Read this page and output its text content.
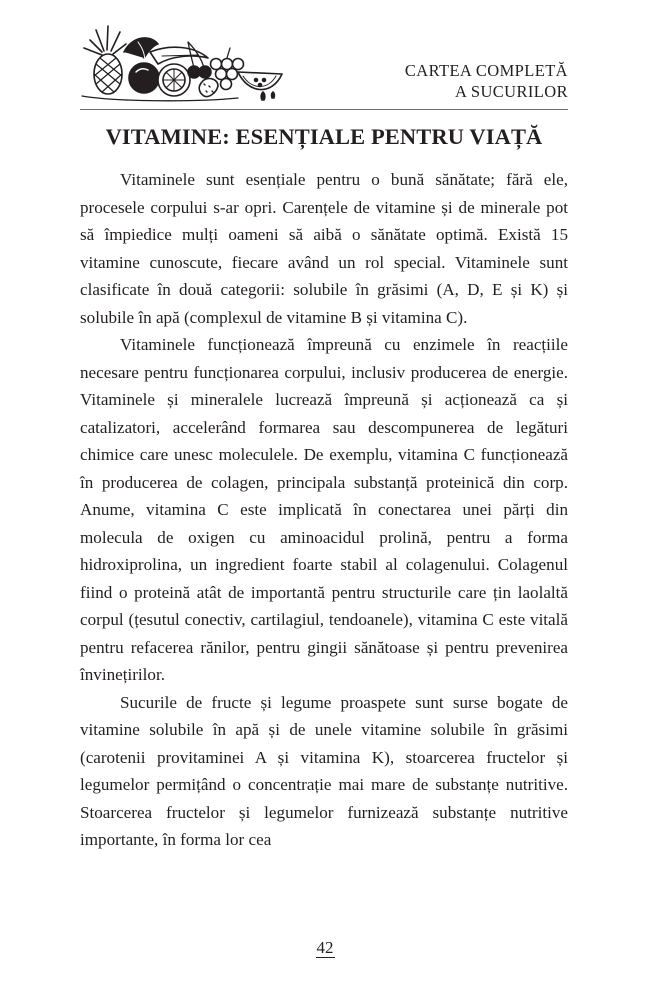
CARTEA COMPLETĂ
A SUCURILOR
VITAMINE: ESENȚIALE PENTRU VIAȚĂ

Vitaminele sunt esențiale pentru o bună sănătate; fără ele, procesele corpului s-ar opri. Carențele de vitamine și de minerale pot să împiedice mulți oameni să aibă o sănătate optimă. Există 15 vitamine cunoscute, fiecare având un rol special. Vitaminele sunt clasificate în două categorii: solubile în grăsimi (A, D, E și K) și solubile în apă (complexul de vitamine B și vitamina C).

Vitaminele funcționează împreună cu enzimele în reacțiile necesare pentru funcționarea corpului, inclusiv producerea de energie. Vitaminele și mineralele lucrează împreună și acționează ca și catalizatori, accelerând formarea sau descompunerea de legături chimice care unesc moleculele. De exemplu, vitamina C funcționează în producerea de colagen, principala substanță proteinică din corp. Anume, vitamina C este implicată în conectarea unei părți din molecula de oxigen cu aminoacidul prolină, pentru a forma hidroxiprolina, un ingredient foarte stabil al colagenului. Colagenul fiind o proteină atât de importantă pentru structurile care țin laolaltă corpul (țesutul conectiv, cartilagiul, tendoanele), vitamina C este vitală pentru refacerea rănilor, pentru gingii sănătoase și pentru prevenirea învinețirilor.

Sucurile de fructe și legume proaspete sunt surse bogate de vitamine solubile în apă și de unele vitamine solubile în grăsimi (carotenii provitaminei A și vitamina K), stoarcerea fructelor și legumelor permițând o concentrație mai mare de substanțe nutritive. Stoarcerea fructelor și legumelor furnizează substanțe nutritive importante, în forma lor cea

42
